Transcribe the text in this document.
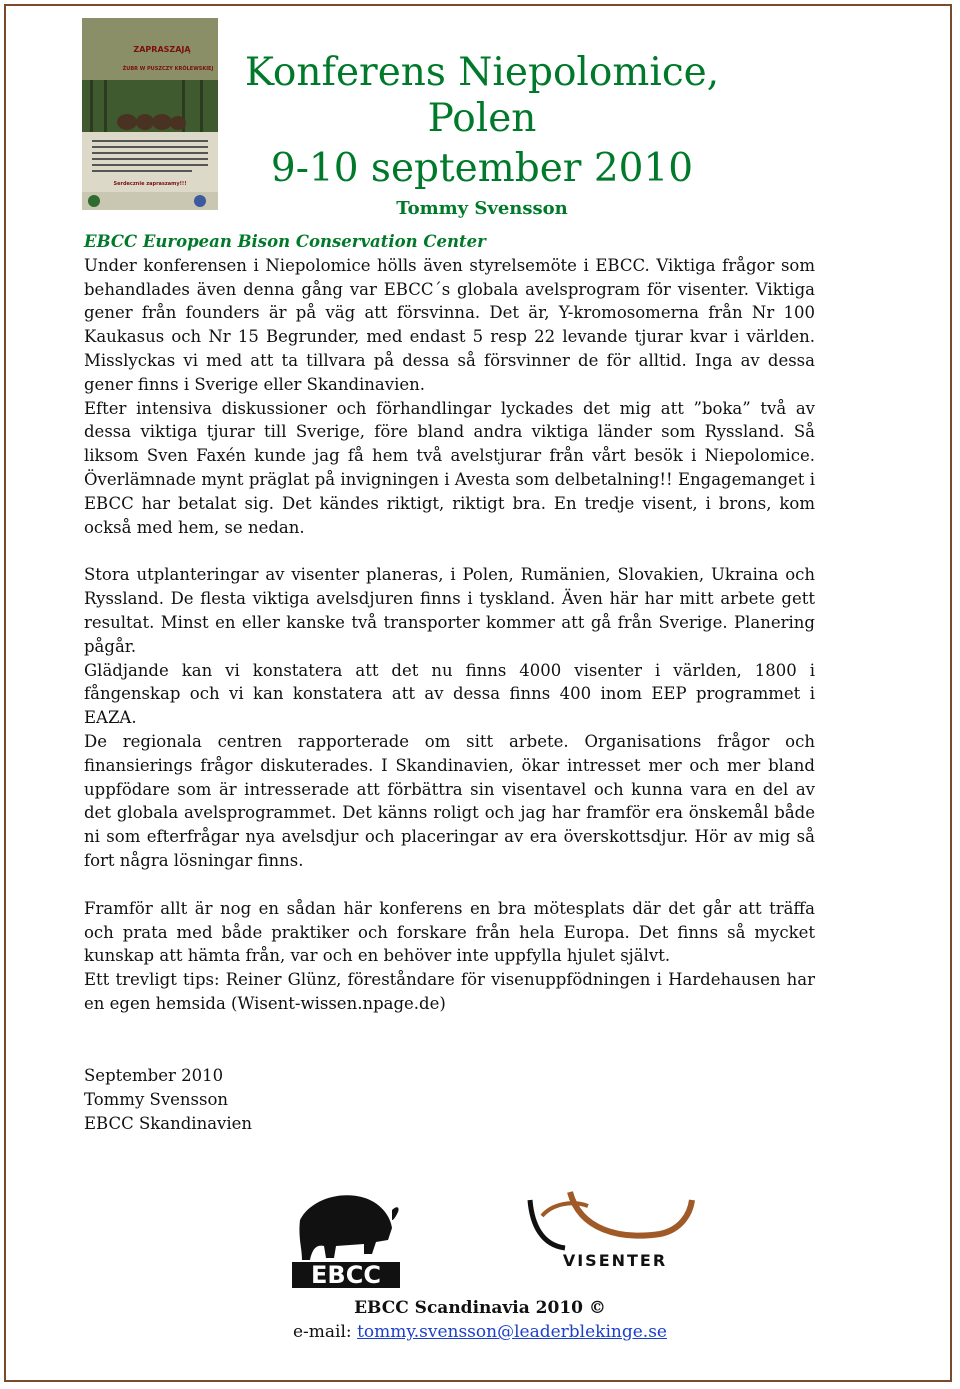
ZAPRASZAJĄ
ŻUBR W PUSZCZY KRÓLEWSKIEJ
Serdecznie zapraszamy!!!
Konferens Niepolomice, Polen
9-10 september 2010
Tommy Svensson
EBCC European Bison Conservation Center

Under konferensen i Niepolomice hölls även styrelsemöte i EBCC. Viktiga frågor som behandlades även denna gång var EBCC´s globala avelsprogram för visenter. Viktiga gener från founders är på väg att försvinna. Det är, Y-kromosomerna från Nr 100 Kaukasus och Nr 15 Begrunder, med endast 5 resp 22 levande tjurar kvar i världen. Misslyckas vi med att ta tillvara på dessa så försvinner de för alltid. Inga av dessa gener finns i Sverige eller Skandinavien.

Efter intensiva diskussioner och förhandlingar lyckades det mig att ”boka” två av dessa viktiga tjurar till Sverige, före bland andra viktiga länder som Ryssland. Så liksom Sven Faxén kunde jag få hem två avelstjurar från vårt besök i Niepolomice. Överlämnade mynt präglat på invigningen i Avesta som delbetalning!! Engagemanget i EBCC har betalat sig. Det kändes riktigt, riktigt bra. En tredje visent, i brons, kom också med hem, se nedan.

Stora utplanteringar av visenter planeras, i Polen, Rumänien, Slovakien, Ukraina och Ryssland. De flesta viktiga avelsdjuren finns i tyskland. Även här har mitt arbete gett resultat. Minst en eller kanske två transporter kommer att gå från Sverige. Planering pågår.

Glädjande kan vi konstatera att det nu finns 4000 visenter i världen, 1800 i fångenskap och vi kan konstatera att av dessa finns 400 inom EEP programmet i EAZA.

De regionala centren rapporterade om sitt arbete. Organisations frågor och finansierings frågor diskuterades. I Skandinavien, ökar intresset mer och mer bland uppfödare som är intresserade att förbättra sin visentavel och kunna vara en del av det globala avelsprogrammet. Det känns roligt och jag har framför era önskemål både ni som efterfrågar nya avelsdjur och placeringar av era överskottsdjur. Hör av mig så fort några lösningar finns.

Framför allt är nog en sådan här konferens en bra mötesplats där det går att träffa och prata med både praktiker och forskare från hela Europa. Det finns så mycket kunskap att hämta från, var och en behöver inte uppfylla hjulet självt.

Ett trevligt tips: Reiner Glünz, föreståndare för visenuppfödningen i Hardehausen har en egen hemsida (Wisent-wissen.npage.de)

September 2010
Tommy Svensson
EBCC Skandinavien
EBCC
VISENTER
EBCC Scandinavia 2010 ©
e-mail: tommy.svensson@leaderblekinge.se
